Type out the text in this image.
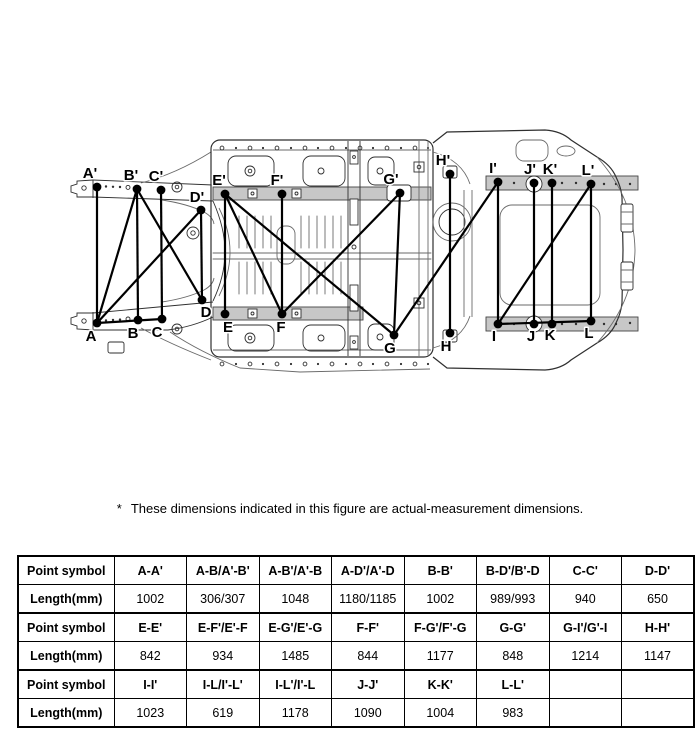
A B C
D
E	F
G	H
I J K L
A' B' C'
D'
E'	F'	G'
H'	I' J' K' L'
* These dimensions indicated in this figure are actual-measurement dimensions.
Point symbol	A-A'	A-B/A'-B'	A-B'/A'-B	A-D'/A'-D	B-B'	B-D'/B'-D	C-C'	D-D'
Length(mm)	1002	306/307	1048	1180/1185	1002	989/993	940	650
Point symbol	E-E'	E-F'/E'-F	E-G'/E'-G	F-F'	F-G'/F'-G	G-G'	G-I'/G'-I	H-H'
Length(mm)	842	934	1485	844	1177	848	1214	1147
Point symbol	I-I'	I-L/I'-L'	I-L'/I'-L	J-J'	K-K'	L-L'		
Length(mm)	1023	619	1178	1090	1004	983		
